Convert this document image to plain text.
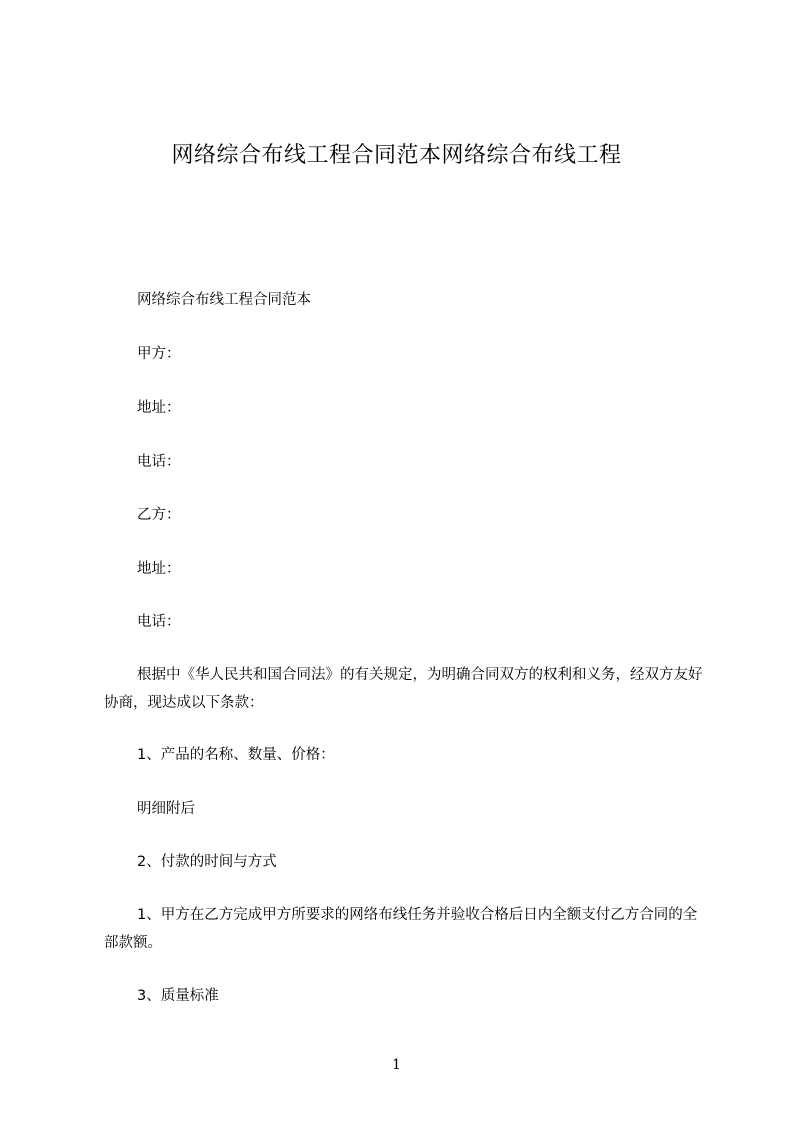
网络综合布线工程合同范本网络综合布线工程
网络综合布线工程合同范本
甲方：
地址：
电话：
乙方：
地址：
电话：
根据中《华人民共和国合同法》的有关规定，为明确合同双方的权利和义务，经双方友好协商，现达成以下条款：
1、产品的名称、数量、价格：
明细附后
2、付款的时间与方式
1、甲方在乙方完成甲方所要求的网络布线任务并验收合格后日内全额支付乙方合同的全部款额。
3、质量标准
1
